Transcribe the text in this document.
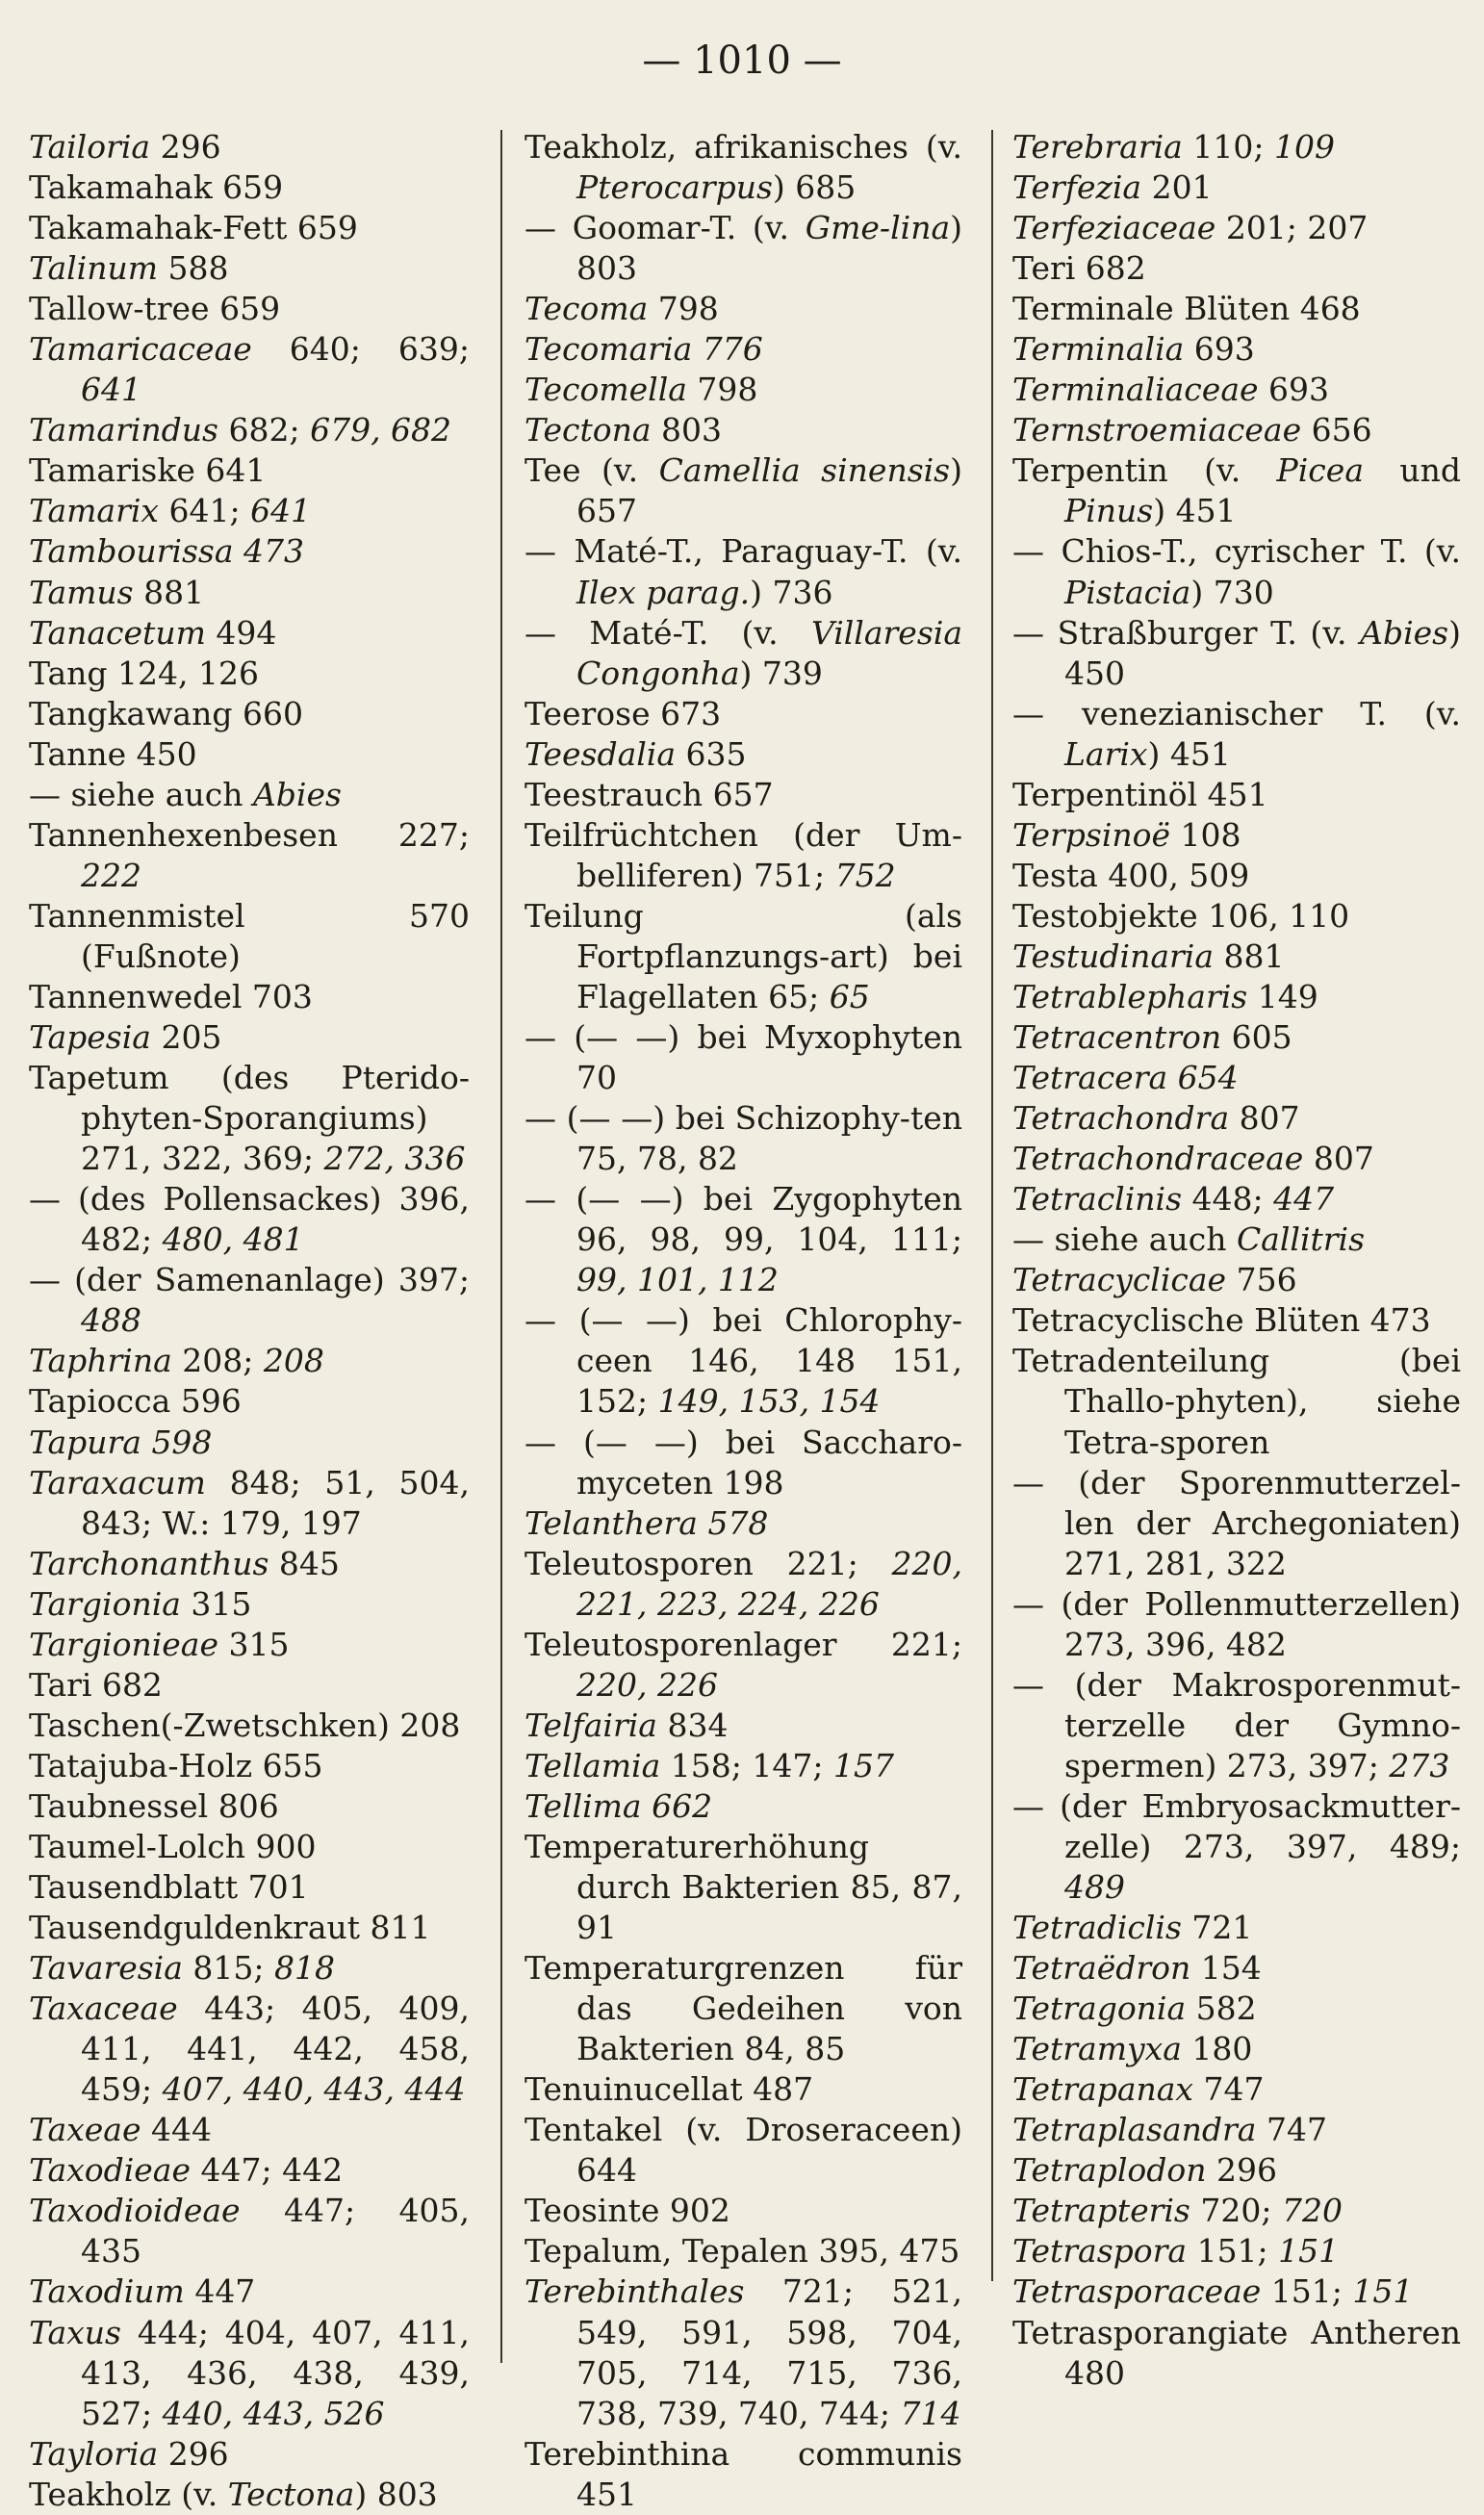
— 1010 —
Tailoria 296
Takamahak 659
Takamahak-Fett 659
Talinum 588
Tallow-tree 659
Tamaricaceae 640; 639; 641
Tamarindus 682; 679, 682
Tamariske 641
Tamarix 641; 641
Tambourissa 473
Tamus 881
Tanacetum 494
Tang 124, 126
Tangkawang 660
Tanne 450
— siehe auch Abies
Tannenhexenbesen 227; 222
Tannenmistel 570 (Fußnote)
Tannenwedel 703
Tapesia 205
Tapetum (des Pterido-phyten-Sporangiums) 271, 322, 369; 272, 336
— (des Pollensackes) 396, 482; 480, 481
— (der Samenanlage) 397; 488
Taphrina 208; 208
Tapiocca 596
Tapura 598
Taraxacum 848; 51, 504, 843; W.: 179, 197
Tarchonanthus 845
Targionia 315
Targionieae 315
Tari 682
Taschen(-Zwetschken) 208
Tatajuba-Holz 655
Taubnessel 806
Taumel-Lolch 900
Tausendblatt 701
Tausendguldenkraut 811
Tavaresia 815; 818
Taxaceae 443; 405, 409, 411, 441, 442, 458, 459; 407, 440, 443, 444
Taxeae 444
Taxodieae 447; 442
Taxodioideae 447; 405, 435
Taxodium 447
Taxus 444; 404, 407, 411, 413, 436, 438, 439, 527; 440, 443, 526
Tayloria 296
Teakholz (v. Tectona) 803
Teakholz, afrikanisches (v. Pterocarpus) 685
— Goomar-T. (v. Gme-lina) 803
Tecoma 798
Tecomaria 776
Tecomella 798
Tectona 803
Tee (v. Camellia sinensis) 657
— Maté-T., Paraguay-T. (v. Ilex parag.) 736
— Maté-T. (v. Villaresia Congonha) 739
Teerose 673
Teesdalia 635
Teestrauch 657
Teilfrüchtchen (der Um-belliferen) 751; 752
Teilung (als Fortpflanzungs-art) bei Flagellaten 65; 65
— (— —) bei Myxophyten 70
— (— —) bei Schizophy-ten 75, 78, 82
— (— —) bei Zygophyten 96, 98, 99, 104, 111; 99, 101, 112
— (— —) bei Chlorophy-ceen 146, 148 151, 152; 149, 153, 154
— (— —) bei Saccharo-myceten 198
Telanthera 578
Teleutosporen 221; 220, 221, 223, 224, 226
Teleutosporenlager 221; 220, 226
Telfairia 834
Tellamia 158; 147; 157
Tellima 662
Temperaturerhöhung durch Bakterien 85, 87, 91
Temperaturgrenzen für das Gedeihen von Bakterien 84, 85
Tenuinucellat 487
Tentakel (v. Droseraceen) 644
Teosinte 902
Tepalum, Tepalen 395, 475
Terebinthales 721; 521, 549, 591, 598, 704, 705, 714, 715, 736, 738, 739, 740, 744; 714
Terebinthina communis 451
Terebraria 110; 109
Terfezia 201
Terfeziaceae 201; 207
Teri 682
Terminale Blüten 468
Terminalia 693
Terminaliaceae 693
Ternstroemiaceae 656
Terpentin (v. Picea und Pinus) 451
— Chios-T., cyrischer T. (v. Pistacia) 730
— Straßburger T. (v. Abies) 450
— venezianischer T. (v. Larix) 451
Terpentinöl 451
Terpsinoë 108
Testa 400, 509
Testobjekte 106, 110
Testudinaria 881
Tetrablepharis 149
Tetracentron 605
Tetracera 654
Tetrachondra 807
Tetrachondraceae 807
Tetraclinis 448; 447
— siehe auch Callitris
Tetracyclicae 756
Tetracyclische Blüten 473
Tetradenteilung (bei Thallo-phyten), siehe Tetra-sporen
— (der Sporenmutterzel-len der Archegoniaten) 271, 281, 322
— (der Pollenmutterzellen) 273, 396, 482
— (der Makrosporenmut-terzelle der Gymno-spermen) 273, 397; 273
— (der Embryosackmutter-zelle) 273, 397, 489; 489
Tetradiclis 721
Tetraëdron 154
Tetragonia 582
Tetramyxa 180
Tetrapanax 747
Tetraplasandra 747
Tetraplodon 296
Tetrapteris 720; 720
Tetraspora 151; 151
Tetrasporaceae 151; 151
Tetrasporangiate Antheren 480
